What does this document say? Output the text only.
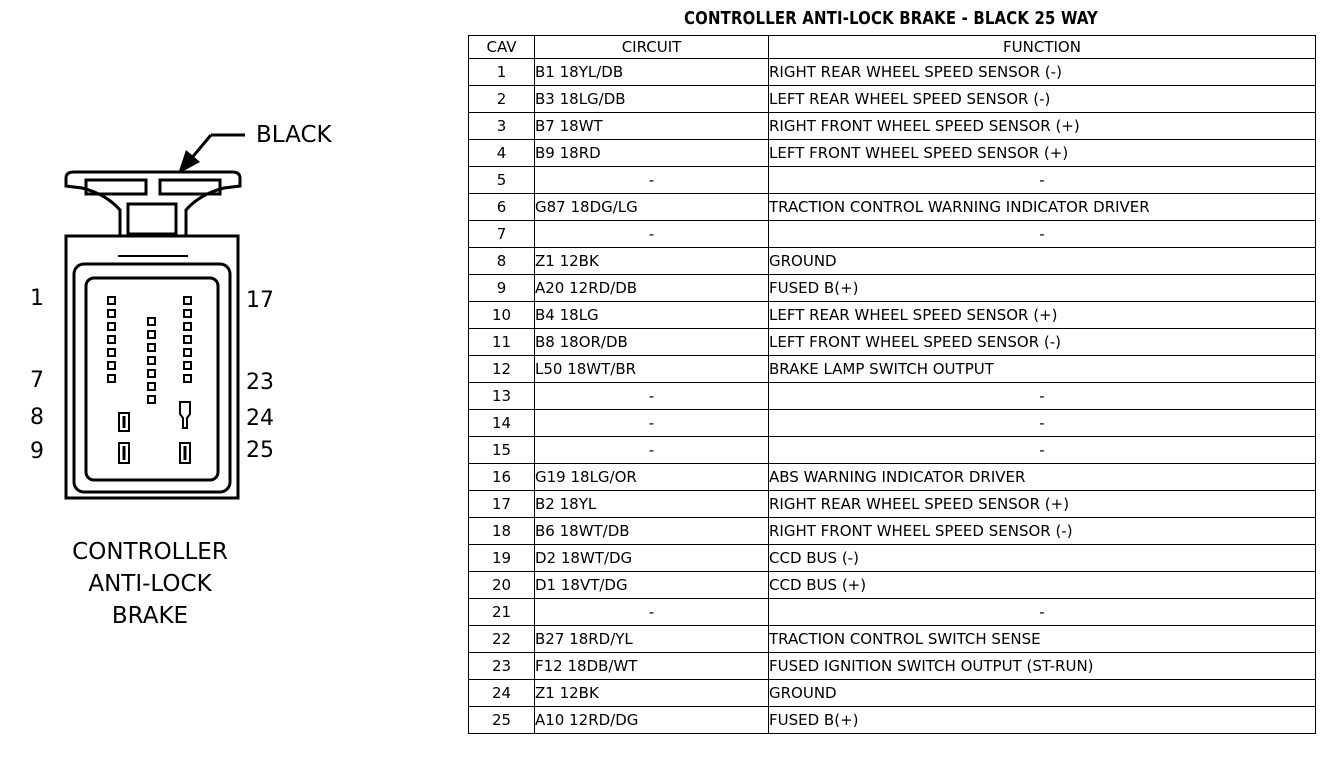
BLACK
1
7
8
9
17
23
24
25
CONTROLLER
ANTI-LOCK
BRAKE
CONTROLLER ANTI-LOCK BRAKE - BLACK 25 WAY
CAV	CIRCUIT	FUNCTION
1	B1 18YL/DB	RIGHT REAR WHEEL SPEED SENSOR (-)
2	B3 18LG/DB	LEFT REAR WHEEL SPEED SENSOR (-)
3	B7 18WT	RIGHT FRONT WHEEL SPEED SENSOR (+)
4	B9 18RD	LEFT FRONT WHEEL SPEED SENSOR (+)
5	-	-
6	G87 18DG/LG	TRACTION CONTROL WARNING INDICATOR DRIVER
7	-	-
8	Z1 12BK	GROUND
9	A20 12RD/DB	FUSED B(+)
10	B4 18LG	LEFT REAR WHEEL SPEED SENSOR (+)
11	B8 18OR/DB	LEFT FRONT WHEEL SPEED SENSOR (-)
12	L50 18WT/BR	BRAKE LAMP SWITCH OUTPUT
13	-	-
14	-	-
15	-	-
16	G19 18LG/OR	ABS WARNING INDICATOR DRIVER
17	B2 18YL	RIGHT REAR WHEEL SPEED SENSOR (+)
18	B6 18WT/DB	RIGHT FRONT WHEEL SPEED SENSOR (-)
19	D2 18WT/DG	CCD BUS (-)
20	D1 18VT/DG	CCD BUS (+)
21	-	-
22	B27 18RD/YL	TRACTION CONTROL SWITCH SENSE
23	F12 18DB/WT	FUSED IGNITION SWITCH OUTPUT (ST-RUN)
24	Z1 12BK	GROUND
25	A10 12RD/DG	FUSED B(+)
